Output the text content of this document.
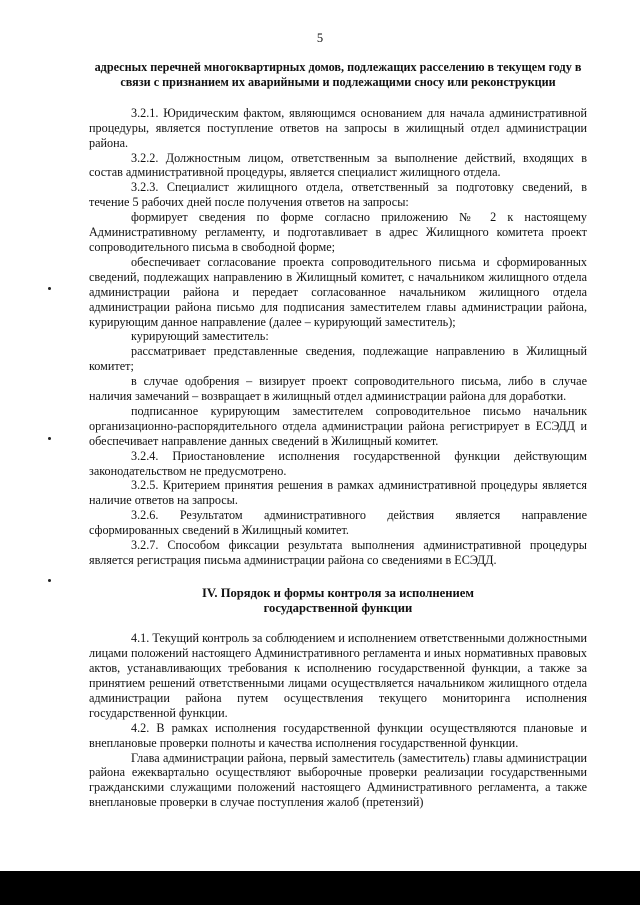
5

адресных перечней многоквартирных домов, подлежащих расселению в текущем году в связи с признанием их аварийными и подлежащими сносу или реконструкции

3.2.1. Юридическим фактом, являющимся основанием для начала административной процедуры, является поступление ответов на запросы в жилищный отдел администрации района.

3.2.2. Должностным лицом, ответственным за выполнение действий, входящих в состав административной процедуры, является специалист жилищного отдела.

3.2.3. Специалист жилищного отдела, ответственный за подготовку сведений, в течение 5 рабочих дней после получения ответов на запросы:

формирует сведения по форме согласно приложению № 2 к настоящему Административному регламенту, и подготавливает в адрес Жилищного комитета проект сопроводительного письма в свободной форме;

обеспечивает согласование проекта сопроводительного письма и сформированных сведений, подлежащих направлению в Жилищный комитет, с начальником жилищного отдела администрации района и передает согласованное начальником жилищного отдела администрации района письмо для подписания заместителем главы администрации района, курирующим данное направление (далее – курирующий заместитель);

курирующий заместитель:

рассматривает представленные сведения, подлежащие направлению в Жилищный комитет;

в случае одобрения – визирует проект сопроводительного письма, либо в случае наличия замечаний – возвращает в жилищный отдел администрации района для доработки.

подписанное курирующим заместителем сопроводительное письмо начальник организационно-распорядительного отдела администрации района регистрирует в ЕСЭДД и обеспечивает направление данных сведений в Жилищный комитет.

3.2.4. Приостановление исполнения государственной функции действующим законодательством не предусмотрено.

3.2.5. Критерием принятия решения в рамках административной процедуры является наличие ответов на запросы.

3.2.6. Результатом административного действия является направление сформированных сведений в Жилищный комитет.

3.2.7. Способом фиксации результата выполнения административной процедуры является регистрация письма администрации района со сведениями в ЕСЭДД.

IV. Порядок и формы контроля за исполнением

государственной функции

4.1. Текущий контроль за соблюдением и исполнением ответственными должностными лицами положений настоящего Административного регламента и иных нормативных правовых актов, устанавливающих требования к исполнению государственной функции, а также за принятием решений ответственными лицами осуществляется начальником жилищного отдела администрации района путем осуществления текущего мониторинга исполнения государственной функции.

4.2. В рамках исполнения государственной функции осуществляются плановые и внеплановые проверки полноты и качества исполнения государственной функции.

Глава администрации района, первый заместитель (заместитель) главы администрации района ежеквартально осуществляют выборочные проверки реализации государственными гражданскими служащими положений настоящего Административного регламента, а также внеплановые проверки в случае поступления жалоб (претензий)
